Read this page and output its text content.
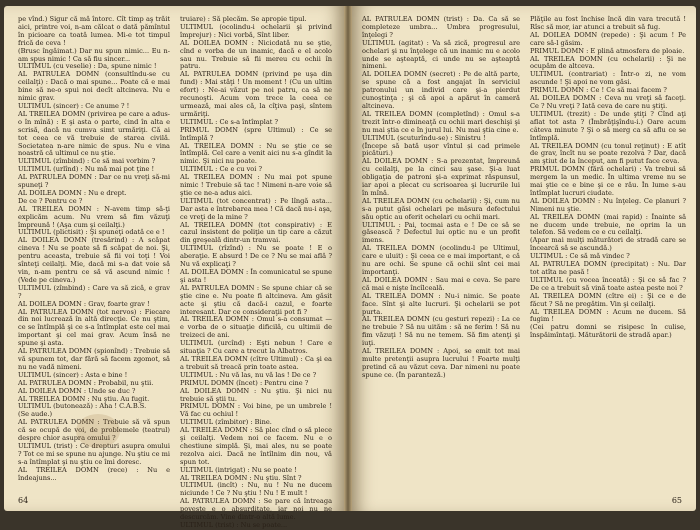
pe vînd.) Sigur că mă întorc. Cît timp aş trăit aici, printre voi, n-am călcat o dată pămîntul în picioare ca toată lumea. Mi-e tot timpul frică de ceva !

(Brusc îngăimat.) Dar nu spun nimic... Eu n-am spus nimic ! Ca să fiu sincer...

ULTIMUL (cu veselie) : Da, spune nimic !

AL PATRULEA DOMN (consultîndu-se cu ceilalţi) : Dacă o mai spune... Poate că e mai bine să ne-o spui noi decît altcineva. Nu e nimic grav.

ULTIMUL (sincer) : Ce anume ? !

AL TREILEA DOMN (privirea pe care a adus-o în mînă) : E şi asta o parte, cind în alta e scrisă, dacă nu cumva simt urmăriţi. Că ai tot ceea ce vă trebuie de starea civilă. Societatea n-are nimic de spus. Nu e vina noastră că ultimul ce nu ştie.

ULTIMUL (zîmbind) : Ce să mai vorbim ?

ULTIMUL (urlînd) : Nu mă mai pot ţine !

AL PATRULEA DOMN : Dar ce nu vreţi să-mi spuneţi ?

AL DOILEA DOMN : Nu e drept.

De ce ? Pentru ce ?

AL TREILEA DOMN : N-avem timp să-ţi explicăm acum. Nu vrem să fim văzuţi împreună ! (Aşa cum şi ceilalţi.)

ULTIMUL (plictisit) : Şi spuneţi odată ce e !

AL DOILEA DOMN (tresărind) : A scăpat cineva ! Nu se poate să fi scăpat de noi. Şi, pentru aceasta, trebuie să fii voi toţi ! Voi sînteţi ceilalţi. Mie, dacă mi s-a dat voie să vin, n-am pentru ce să vă ascund nimic ! (Vede pe cineva.)

ULTIMUL (zîmbind) : Care va să zică, e grav ?

AL DOILEA DOMN : Grav, foarte grav !

AL PATRULEA DOMN (tot nervos) : Fiecare din noi lucrează în altă direcţie. Ce nu ştim, ce se întîmplă şi ce s-a întîmplat este cel mai important şi cel mai grav. Acum însă ne spune şi asta.

AL PATRULEA DOMN (spionînd) : Trebuie să vă spunem tot, dar fără să facem zgomot, să nu ne vadă nimeni.

ULTIMUL (sincer) : Asta e bine !

AL PATRULEA DOMN : Probabil, nu ştii.

AL DOILEA DOMN : Unde se duc ?

AL TREILEA DOMN : Nu ştiu. Au fugit.

ULTIMUL (butonează) : Aha ! C.A.B.S.

(Se aude.)

AL PATRULEA DOMN : Trebuie să vă spun că se ocupă de voi, de problemele (teatrul) despre chior asupra omului ?

ULTIMUL (trist) : Ce drepturi asupra omului ? Tot ce mi se spune nu ajunge. Nu ştiu ce mi s-a întîmplat şi nu ştiu ce îmi doresc.

AL TREILEA DOMN (rece) : Nu e îndeajuns...

truiare) : Să plecăm. Se apropie tipul.

ULTIMUL (ocolindu-i ochelarii şi privind împrejur) : Nici vorbă, Sînt liber.

AL DOILEA DOMN : Nicicdată nu se ştie, cînd e vorba de un inamic, dacă e el acolo sau nu. Trebuie să fii mereu cu ochii în patru.

AL PATRULEA DOMN (privind pe uşa din fund) : Mai stăţi ! Un moment ! (Cu un ultim efort) : Ne-ai văzut pe noi patru, ca să ne recunoşti. Acum vom trece la ceea ce urmează, mai ales că, la cîţiva paşi, sîntem urmăriţi.

ULTIMUL : Ce s-a întîmplat ?

PRIMUL DOMN (spre Ultimul) : Ce se întîmplă ?

AL TREILEA DOMN : Nu se ştie ce se întîmplă. Cel care a venit aici nu s-a gîndit la nimic. Şi nici nu poate.

ULTIMUL : Ce e cu voi ?

AL TREILEA DOMN : Nu mai pot spune nimic ! Trebuie să tac ! Nimeni n-are voie să ştie ce ne-a adus aici.

ULTIMUL (tot concentrat) : Pe lîngă asta... Dar asta e întrebarea mea ! Că dacă nu-i aşa, ce vreţi de la mine ?

AL TREILEA DOMN (tot conspirativ) : E cazul insistent de poliţie un tip care a căzut din greşeală dintr-un tramvai.

ULTIMUL (rîzînd) : Nu se poate ! E o aberaţie. E absurd ! De ce ? Nu se mai află ? Nu vă explicaţi ?

AL DOILEA DOMN : În comunicatul se spune şi asta !

AL PATRULEA DOMN : Se spune chiar că se ştie cine e. Nu poate fi altcineva. Am găsit acte şi ştiu că dacă-i cazul, e foarte interesant. Dar ce consideraţii pot fi ?

AL TREILEA DOMN : Omul s-a consumat — e vorba de o situaţie dificilă, cu ultimii de treizeci de ani.

ULTIMUL (urcînd) : Eşti nebun ! Care e situaţia ? Cu care a trecut la Albatros.

AL TREILEA DOMN (cître Ultimul) : Ca şi ea a trebuit să treacă prin toate astea.

ULTIMUL : Nu vă las, nu vă las ! De ce ?

PRIMUL DOMN (încet) : Pentru cine ?

AL DOILEA DOMN : Nu ştiu. Şi nici nu trebuie să ştii tu.

PRIMUL DOMN : Voi bine, pe un umbrele ! Vă fac cu ochiul !

ULTIMUL (zîmbitor) : Bine.

AL TREILEA DOMN : Să plec cînd o să plece şi ceilalţi. Vedem noi ce facem. Nu e o chestiune simplă. Şi, mai ales, nu se poate rezolva aici. Dacă ne întîlnim din nou, vă spun tot.

ULTIMUL (intrigat) : Nu se poate !

AL TREILEA DOMN : Nu ştiu. Sînt ?

ULTIMUL (incît) : Nu, nu ! Nu ne ducem niciunde ! Ce ? Nu ştiu ! Nu ! E mult !

AL PATRULEA DOMN : Se pare că întreaga poveste e o absurditate, iar noi nu ne descurcăm. Vine dintr-o altă lume.

ULTIMUL (trist) : Nu se poate...

64

AL PATRULEA DOMN (trist) : Da. Ca să se completeze umbra... Umbra progresului, înţelegi ?

ULTIMUL (agitat) : Va să zică, progresul are ochelari şi nu înţelege că un inamic nu e acolo unde se aşteaptă, ci unde nu se aşteaptă nimeni.

AL DOILEA DOMN (secret) : Pe de altă parte, se spune că a fost angajat în serviciul patronului un individ care şi-a pierdut cunoştinţa ; şi că apoi a apărut în cameră altcineva.

AL TREILEA DOMN (completînd) : Omul s-a trezit într-o dimineaţă cu ochii mari deschişi şi nu mai ştia ce e în jurul lui. Nu mai ştia cine e.

ULTIMUL (scuturîndu-se) : Sinistru !

(Începe să bată ușor vîntul și cad primele picături.)

AL DOILEA DOMN : S-a prezentat, împreună cu ceilalţi, pe la cinci sau şase. Şi-a luat obligaţia de patroni şi-a exprimat răspunsul, iar apoi a plecat cu scrisoarea şi lucrurile lui în mînă.

AL TREILEA DOMN (cu ochelarii) : Şi, cum nu s-a putut găsi ochelari pe măsura defectului său optic au oferit ochelari cu ochii mari.

ULTIMUL : Pai, tocmai asta e ! De ce să se găsească ? Defectul lui optic nu e un profit imens.

AL TREILEA DOMN (ocolindu-l pe Ultimul, care e uluit) : Şi ceea ce e mai important, e că nu are ochi. Se spune că ochii sînt cei mai importanţi.

AL DOILEA DOMN : Sau mai e ceva. Se pare că mai e nişte încîlceală.

AL TREILEA DOMN : Nu-i nimic. Se poate face. Sînt şi alte lucruri. Şi ochelarii se pot purta.

AL TREILEA DOMN (cu gesturi repezi) : La ce ne trebuie ? Să nu uităm : să ne ferim ! Să nu fim văzuţi ! Să nu ne temem. Să fim atenţi şi iuţi.

AL TREILEA DOMN : Apoi, se emit tot mai multe pretenţii asupra lucrului ! Foarte mulţi pretind că au văzut ceva. Dar nimeni nu poate spune ce. (În paranteză.)

Plăţile au fost închise încă din vara trecută ! Rîsc să mor, iar atunci a trebuit să fug.

AL DOILEA DOMN (repede) : Şi acum ! Pe care să-l găsim.

PRIMUL DOMN : E plină atmosfera de ploaie.

AL TREILEA DOMN (cu ochelarii) : Şi ne ocupăm de altceva.

ULTIMUL (contrariat) : Într-o zi, ne vom ascunde ! Şi apoi ne vom găsi.

PRIMUL DOMN : Ce ! Ce să mai facem ?

AL DOILEA DOMN : Ceva nu vreţi să faceţi. Ce ? Nu vreţi ? Iată ceva de care nu ştiţi.

ULTIMUL (trezit) : De unde ştiţi ? Cînd aţi aflat tot asta ? (Îmbrăţişîndu-i.) Oare acum câteva minute ? Şi o să merg ca să aflu ce se întîmplă.

AL TREILEA DOMN (cu tonul reţinut) : E atît de grav, încît nu se poate rezolva ? Dar, dacă am ştiut de la început, am fi putut face ceva.

PRIMUL DOMN (fără ochelari) : Va trebui să mergem la un medic. În ultima vreme nu se mai ştie ce e bine şi ce e rău. În lume s-au întîmplat lucruri ciudate.

AL DOILEA DOMN : Nu înţeleg. Ce planuri ? Nimeni nu ştie.

AL TREILEA DOMN (mai rapid) : Înainte să ne ducem unde trebuie, ne oprim la un telefon. Să vedem ce e cu ceilalţi.

(Apar mai mulţi măturători de stradă care se încearcă să se ascundă.)

ULTIMUL : Ce să mă vindec ?

AL PATRULEA DOMN (precipitat) : Nu. Dar tot atîta ne pasă !

ULTIMUL (cu vocea înceată) : Şi ce să fac ? De ce a trebuit să vină toate astea peste noi ?

AL TREILEA DOMN (cître ei) : Şi ce e de făcut ? Să ne pregătim. Vin şi ceilalţi.

AL TREILEA DOMN : Acum ne ducem. Să fugim !

(Cei patru domni se risipesc în culise, înspăimîntaţi. Măturătorii de stradă apar.)

65
